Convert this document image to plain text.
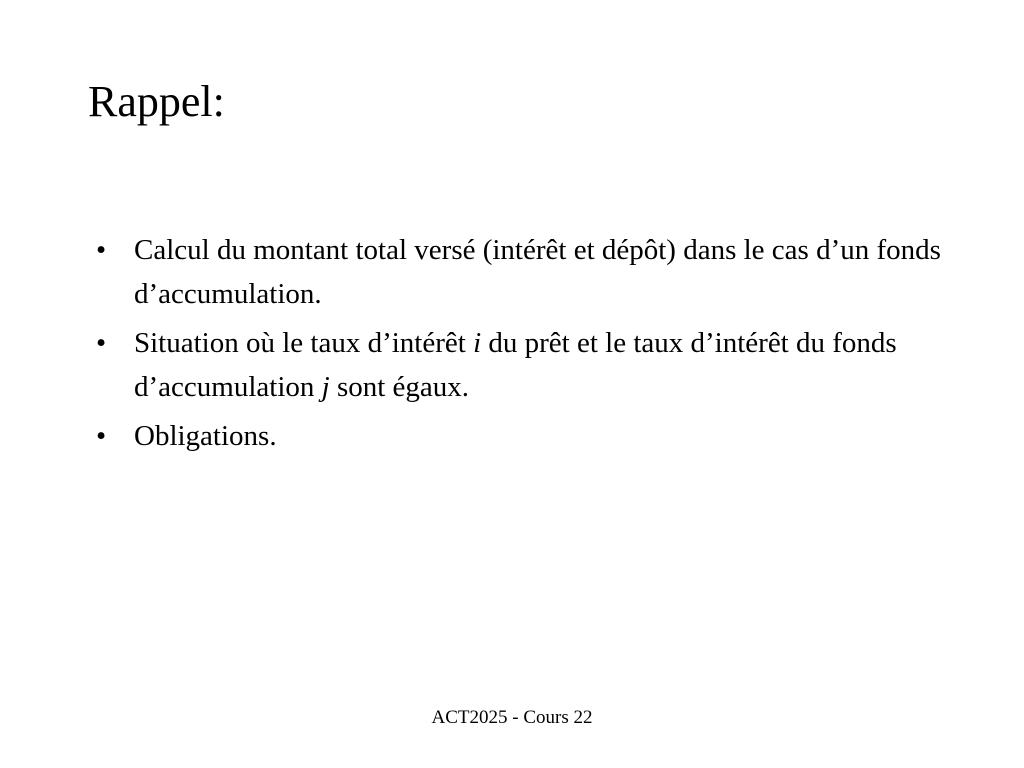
Rappel:
• Calcul du montant total versé (intérêt et dépôt) dans le cas d’un fonds d’accumulation.
• Situation où le taux d’intérêt i du prêt et le taux d’intérêt du fonds d’accumulation j sont égaux.
• Obligations.
ACT2025 - Cours 22
